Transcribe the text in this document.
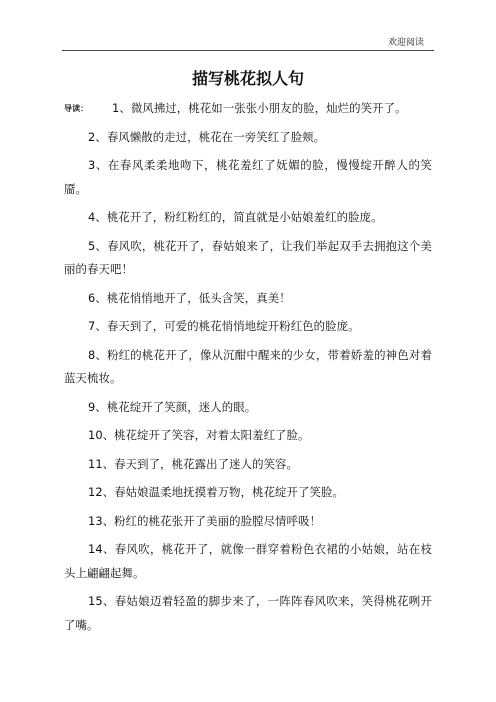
欢迎阅读
描写桃花拟人句

导读： 1、微风拂过，桃花如一张张小朋友的脸，灿烂的笑开了。

2、春风懒散的走过，桃花在一旁笑红了脸颊。

3、在春风柔柔地吻下，桃花羞红了妩媚的脸，慢慢绽开醉人的笑靥。

4、桃花开了，粉红粉红的，简直就是小姑娘羞红的脸庞。

5、春风吹，桃花开了，春姑娘来了，让我们举起双手去拥抱这个美丽的春天吧！

6、桃花悄悄地开了，低头含笑，真美！

7、春天到了，可爱的桃花悄悄地绽开粉红色的脸庞。

8、粉红的桃花开了，像从沉酣中醒来的少女，带着娇羞的神色对着蓝天梳妆。

9、桃花绽开了笑颜，迷人的眼。

10、桃花绽开了笑容，对着太阳羞红了脸。

11、春天到了，桃花露出了迷人的笑容。

12、春姑娘温柔地抚摸着万物，桃花绽开了笑脸。

13、粉红的桃花张开了美丽的脸膛尽情呼吸！

14、春风吹，桃花开了，就像一群穿着粉色衣裙的小姑娘，站在枝头上翩翩起舞。

15、春姑娘迈着轻盈的脚步来了，一阵阵春风吹来，笑得桃花咧开了嘴。
